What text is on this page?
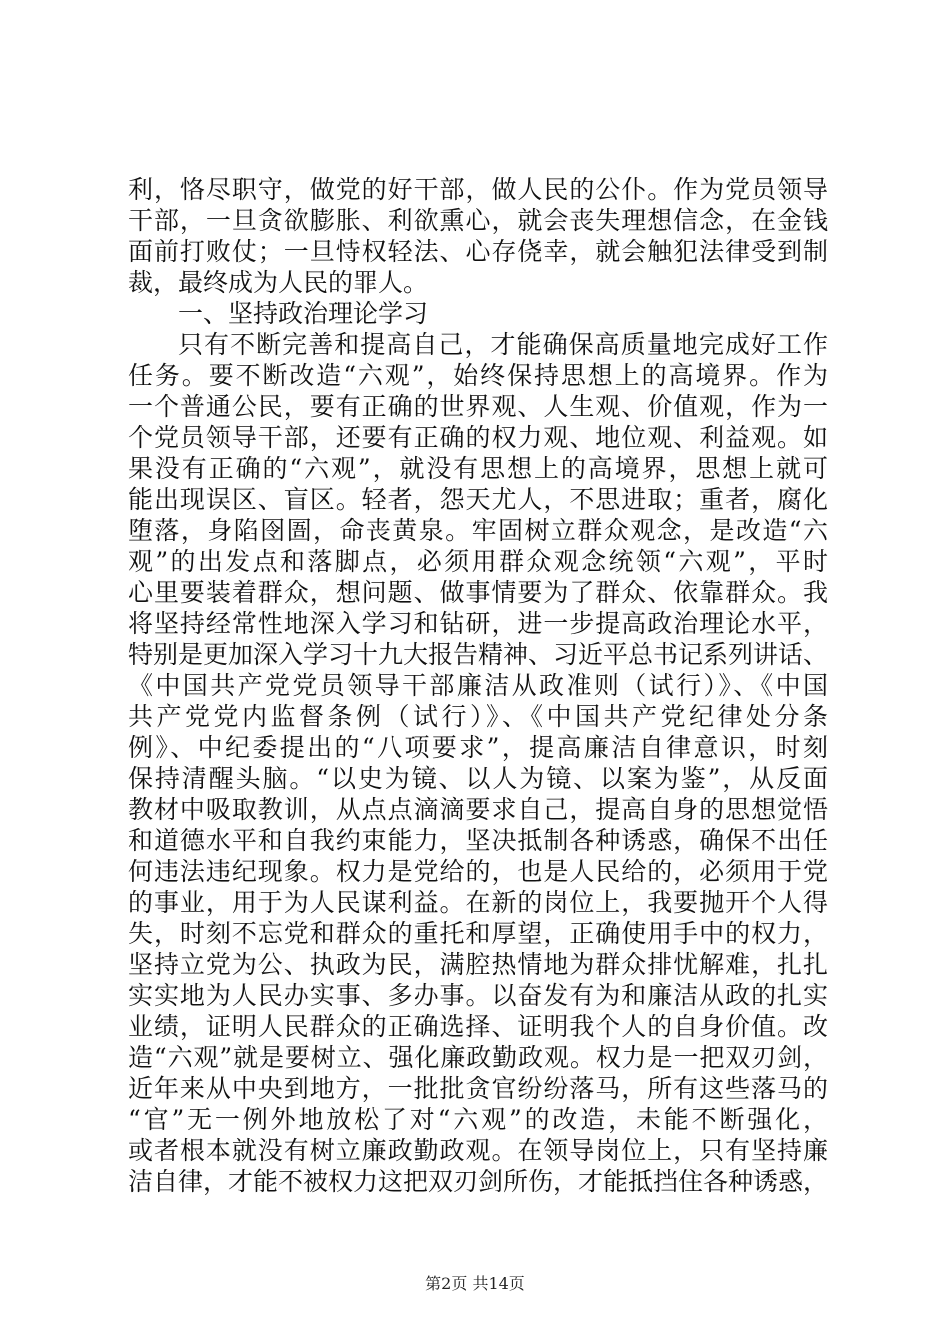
利，恪尽职守，做党的好干部，做人民的公仆。作为党员领导
干部，一旦贪欲膨胀、利欲熏心，就会丧失理想信念，在金钱
面前打败仗；一旦恃权轻法、心存侥幸，就会触犯法律受到制
裁，最终成为人民的罪人。
一、坚持政治理论学习
只有不断完善和提高自己，才能确保高质量地完成好工作
任务。要不断改造“六观”，始终保持思想上的高境界。作为
一个普通公民，要有正确的世界观、人生观、价值观，作为一
个党员领导干部，还要有正确的权力观、地位观、利益观。如
果没有正确的“六观”，就没有思想上的高境界，思想上就可
能出现误区、盲区。轻者，怨天尤人，不思进取；重者，腐化
堕落，身陷囹圄，命丧黄泉。牢固树立群众观念，是改造“六
观”的出发点和落脚点，必须用群众观念统领“六观”，平时
心里要装着群众，想问题、做事情要为了群众、依靠群众。我
将坚持经常性地深入学习和钻研，进一步提高政治理论水平，
特别是更加深入学习十九大报告精神、习近平总书记系列讲话、
《中国共产党党员领导干部廉洁从政准则（试行）》、《中国
共产党党内监督条例（试行）》、《中国共产党纪律处分条
例》、中纪委提出的“八项要求”，提高廉洁自律意识，时刻
保持清醒头脑。“以史为镜、以人为镜、以案为鉴”，从反面
教材中吸取教训，从点点滴滴要求自己，提高自身的思想觉悟
和道德水平和自我约束能力，坚决抵制各种诱惑，确保不出任
何违法违纪现象。权力是党给的，也是人民给的，必须用于党
的事业，用于为人民谋利益。在新的岗位上，我要抛开个人得
失，时刻不忘党和群众的重托和厚望，正确使用手中的权力，
坚持立党为公、执政为民，满腔热情地为群众排忧解难，扎扎
实实地为人民办实事、多办事。以奋发有为和廉洁从政的扎实
业绩，证明人民群众的正确选择、证明我个人的自身价值。改
造“六观”就是要树立、强化廉政勤政观。权力是一把双刃剑，
近年来从中央到地方，一批批贪官纷纷落马，所有这些落马的
“官”无一例外地放松了对“六观”的改造，未能不断强化，
或者根本就没有树立廉政勤政观。在领导岗位上，只有坚持廉
洁自律，才能不被权力这把双刃剑所伤，才能抵挡住各种诱惑，
第2页 共14页
